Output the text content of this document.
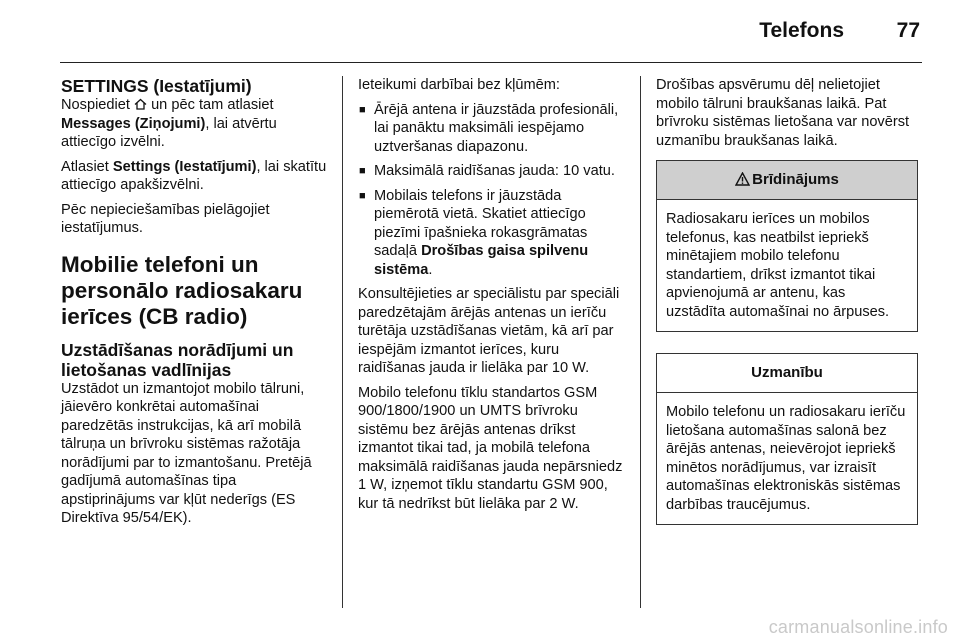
Telefons	77
SETTINGS (Iestatījumi)

Nospiediet  un pēc tam atlasiet Messages (Ziņojumi), lai atvērtu attiecīgo izvēlni.

Atlasiet Settings (Iestatījumi), lai skatītu attiecīgo apakšizvēlni.

Pēc nepieciešamības pielāgojiet iestatījumus.

Mobilie telefoni un personālo radiosakaru ierīces (CB radio)
Uzstādīšanas norādījumi un lietošanas vadlīnijas

Uzstādot un izmantojot mobilo tālruni, jāievēro konkrētai automašīnai paredzētās instrukcijas, kā arī mobilā tālruņa un brīvroku sistēmas ražotāja norādījumi par to izmantošanu. Pretējā gadījumā automašīnas tipa apstiprinājums var kļūt nederīgs (ES Direktīva 95/54/EK).

Ieteikumi darbībai bez kļūmēm:

■ Ārējā antena ir jāuzstāda profesionāli, lai panāktu maksimāli iespējamo uztveršanas diapazonu.
■ Maksimālā raidīšanas jauda: 10 vatu.
■ Mobilais telefons ir jāuzstāda piemērotā vietā. Skatiet attiecīgo piezīmi īpašnieka rokasgrāmatas sadaļā Drošības gaisa spilvenu sistēma.

Konsultējieties ar speciālistu par speciāli paredzētajām ārējās antenas un ierīču turētāja uzstādīšanas vietām, kā arī par iespējām izmantot ierīces, kuru raidīšanas jauda ir lielāka par 10 W.

Mobilo telefonu tīklu standartos GSM 900/1800/1900 un UMTS brīvroku sistēmu bez ārējās antenas drīkst izmantot tikai tad, ja mobilā telefona maksimālā raidīšanas jauda nepārsniedz 1 W, izņemot tīklu standartu GSM 900, kur tā nedrīkst būt lielāka par 2 W.

Drošības apsvērumu dēļ nelietojiet mobilo tālruni braukšanas laikā. Pat brīvroku sistēmas lietošana var novērst uzmanību braukšanas laikā.

Brīdinājums
Radiosakaru ierīces un mobilos telefonus, kas neatbilst iepriekš minētajiem mobilo telefonu standartiem, drīkst izmantot tikai apvienojumā ar antenu, kas uzstādīta automašīnai no ārpuses.
Uzmanību
Mobilo telefonu un radiosakaru ierīču lietošana automašīnas salonā bez ārējās antenas, neievērojot iepriekš minētos norādījumus, var izraisīt automašīnas elektroniskās sistēmas darbības traucējumus.
carmanualsonline.info
